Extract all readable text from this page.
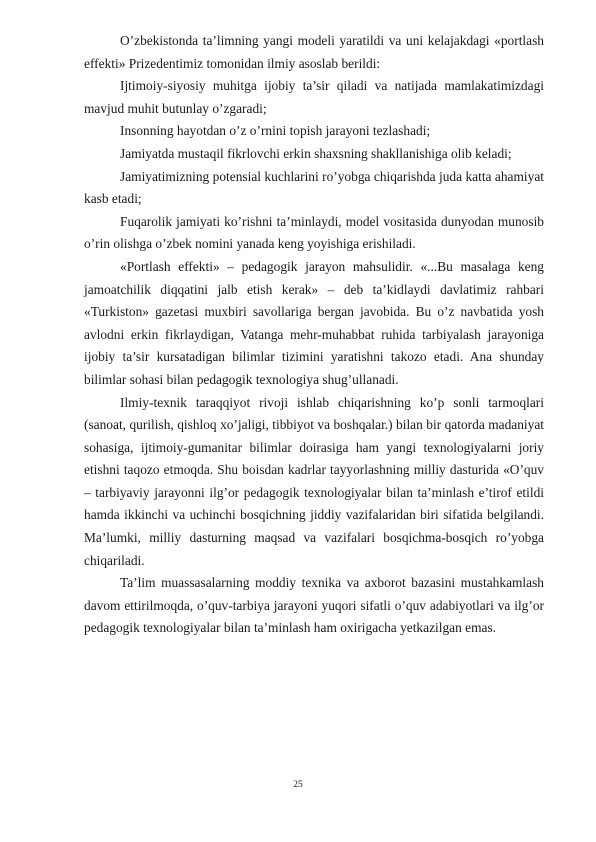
O’zbekistonda ta’limning yangi modeli yaratildi va uni kelajakdagi «portlash effekti» Prizedentimiz tomonidan ilmiy asoslab berildi:

Ijtimoiy-siyosiy muhitga ijobiy ta’sir qiladi va natijada mamlakatimizdagi mavjud muhit butunlay o’zgaradi;

Insonning hayotdan o’z o’rnini topish jarayoni tezlashadi;

Jamiyatda mustaqil fikrlovchi erkin shaxsning shakllanishiga olib keladi;

Jamiyatimizning potensial kuchlarini ro’yobga chiqarishda juda katta ahamiyat kasb etadi;

Fuqarolik jamiyati ko’rishni ta’minlaydi, model vositasida dunyodan munosib o’rin olishga o’zbek nomini yanada keng yoyishiga erishiladi.

«Portlash effekti» – pedagogik jarayon mahsulidir. «...Bu masalaga keng jamoatchilik diqqatini jalb etish kerak» – deb ta’kidlaydi davlatimiz rahbari «Turkiston» gazetasi muxbiri savollariga bergan javobida. Bu o’z navbatida yosh avlodni erkin fikrlaydigan, Vatanga mehr-muhabbat ruhida tarbiyalash jarayoniga ijobiy ta’sir kursatadigan bilimlar tizimini yaratishni takozo etadi. Ana shunday bilimlar sohasi bilan pedagogik texnologiya shug’ullanadi.

Ilmiy-texnik taraqqiyot rivoji ishlab chiqarishning ko’p sonli tarmoqlari (sanoat, qurilish, qishloq xo’jaligi, tibbiyot va boshqalar.) bilan bir qatorda madaniyat sohasiga, ijtimoiy-gumanitar bilimlar doirasiga ham yangi texnologiyalarni joriy etishni taqozo etmoqda. Shu boisdan kadrlar tayyorlashning milliy dasturida «O’quv – tarbiyaviy jarayonni ilg’or pedagogik texnologiyalar bilan ta’minlash e’tirof etildi hamda ikkinchi va uchinchi bosqichning jiddiy vazifalaridan biri sifatida belgilandi. Ma’lumki, milliy dasturning maqsad va vazifalari bosqichma-bosqich ro’yobga chiqariladi.

Ta’lim muassasalarning moddiy texnika va axborot bazasini mustahkamlash davom ettirilmoqda, o’quv-tarbiya jarayoni yuqori sifatli o’quv adabiyotlari va ilg’or pedagogik texnologiyalar bilan ta’minlash ham oxirigacha yetkazilgan emas.

25
